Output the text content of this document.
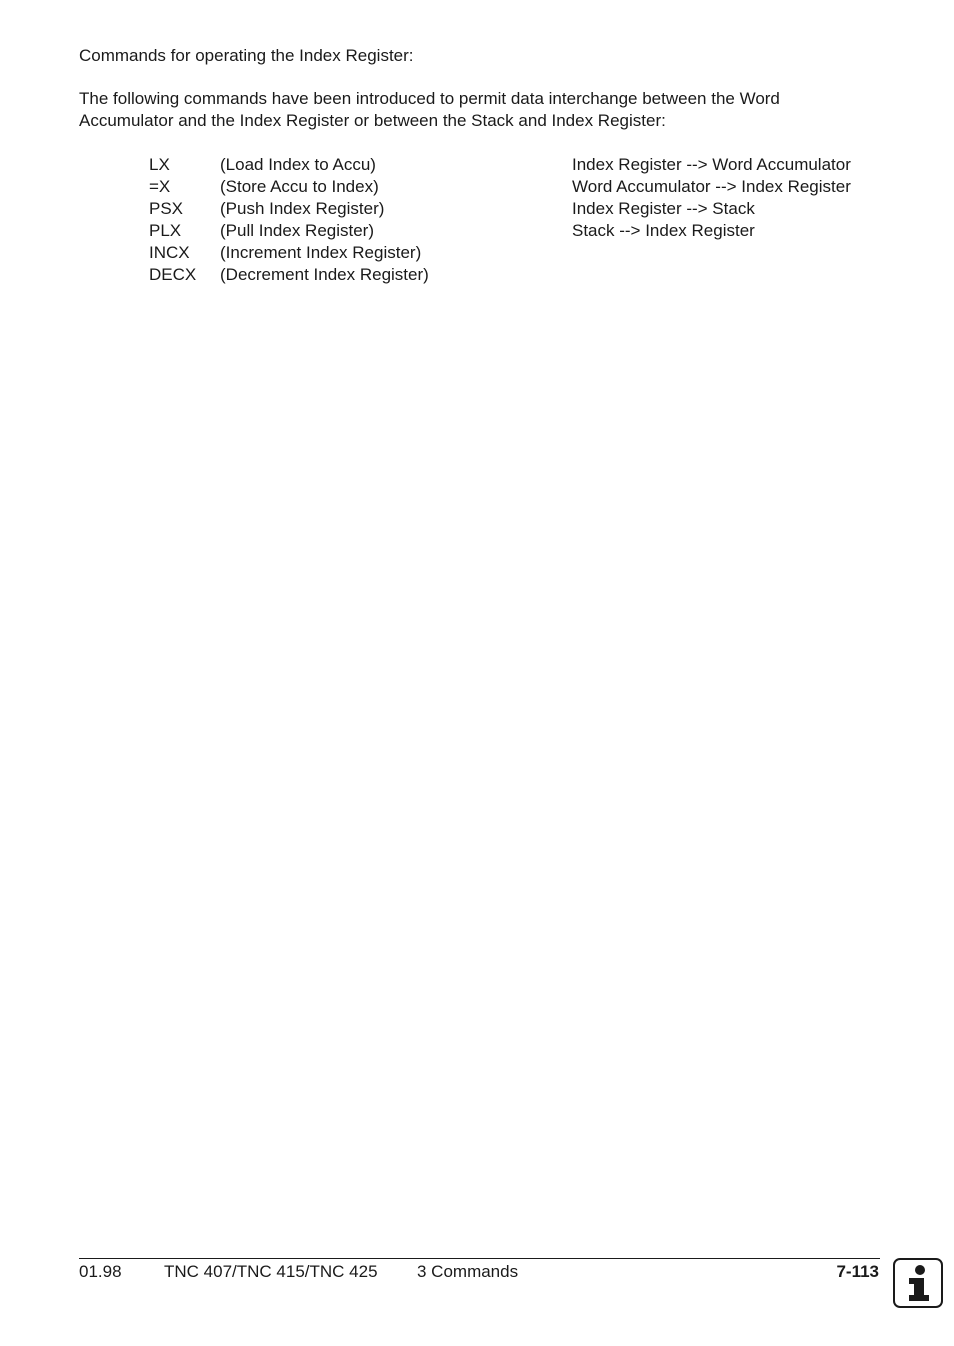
Commands for operating the Index Register:
The following commands have been introduced to permit data interchange between the Word
Accumulator and the Index Register or between the Stack and Index Register:
LX	(Load Index to Accu)	Index Register --> Word Accumulator
=X	(Store Accu to Index)	Word Accumulator --> Index Register
PSX (Push Index Register)	Index Register --> Stack
PLX (Pull Index Register)	Stack --> Index Register
INCX (Increment Index Register)
DECX (Decrement Index Register)
01.98 TNC 407/TNC 415/TNC 425 3 Commands	7-113
